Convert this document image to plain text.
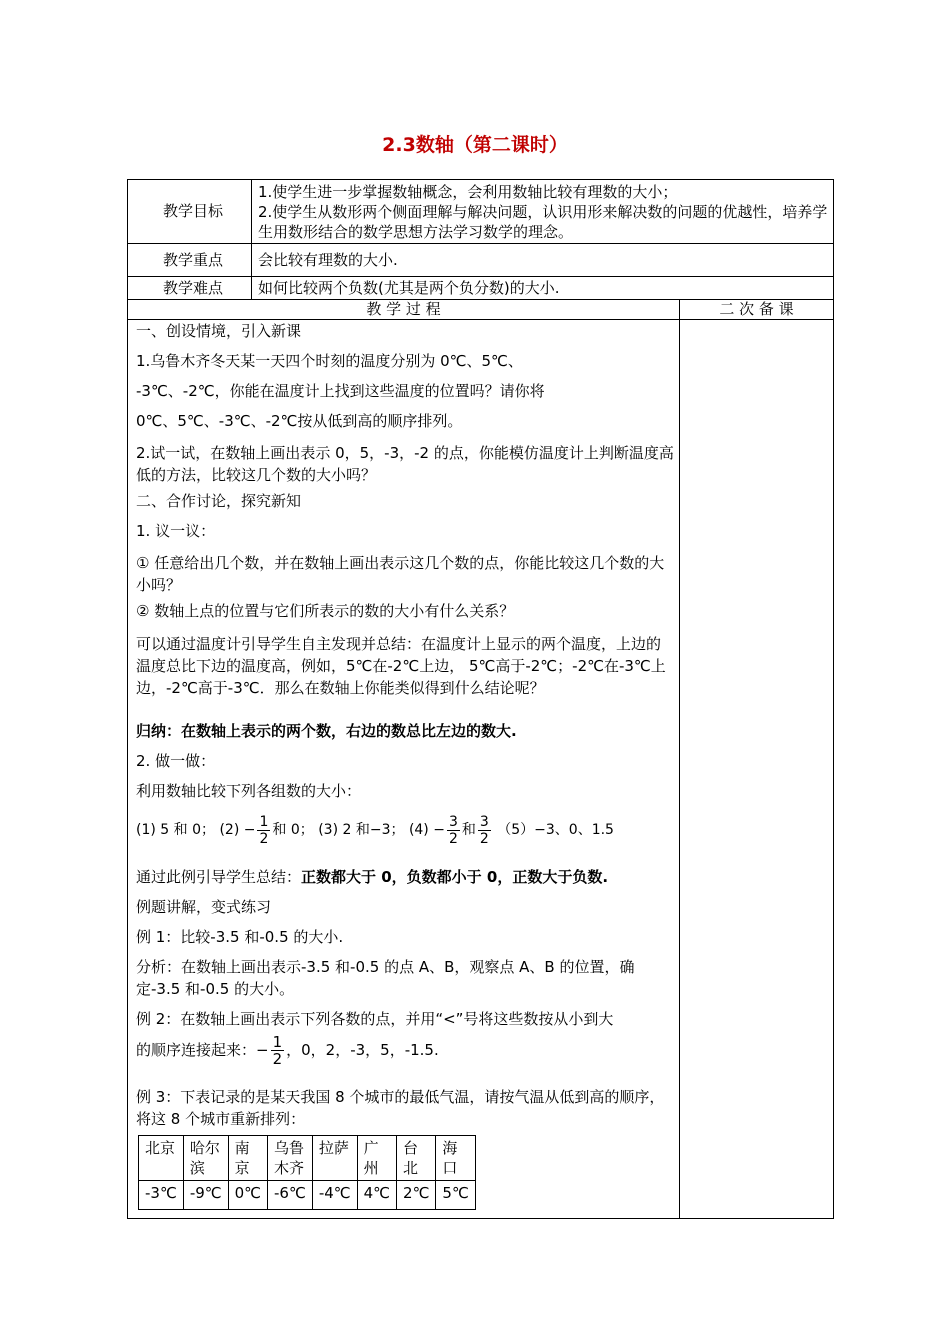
2.3数轴（第二课时）
教学目标
1.使学生进一步掌握数轴概念，会利用数轴比较有理数的大小；
2.使学生从数形两个侧面理解与解决问题，认识用形来解决数的问题的优越性，培养学生用数形结合的数学思想方法学习数学的理念。
教学重点	会比较有理数的大小.
教学难点	如何比较两个负数(尤其是两个负分数)的大小.
教 学 过 程	二 次 备 课

一、创设情境，引入新课

1.乌鲁木齐冬天某一天四个时刻的温度分别为 0℃、5℃、

-3℃、-2℃，你能在温度计上找到这些温度的位置吗？请你将

0℃、5℃、-3℃、-2℃按从低到高的顺序排列。

2.试一试，在数轴上画出表示 0，5，-3，-2 的点，你能模仿温度计上判断温度高低的方法，比较这几个数的大小吗？

二、合作讨论，探究新知

1. 议一议：

① 任意给出几个数，并在数轴上画出表示这几个数的点，你能比较这几个数的大小吗？

② 数轴上点的位置与它们所表示的数的大小有什么关系？

可以通过温度计引导学生自主发现并总结：在温度计上显示的两个温度，上边的温度总比下边的温度高，例如，5℃在-2℃上边， 5℃高于-2℃；-2℃在-3℃上边，-2℃高于-3℃．那么在数轴上你能类似得到什么结论呢？

归纳：在数轴上表示的两个数，右边的数总比左边的数大.

2. 做一做：

利用数轴比较下列各组数的大小：

(1) 5 和 0； $(2) - \frac{1}{2}$ 和 0； (3) 2 和−3； $(4) - \frac{3}{2}$ 和 $\frac{3}{2} (5)-3$、0、1.5

通过此例引导学生总结：正数都大于 0，负数都小于 0，正数大于负数.

例题讲解，变式练习

例 1：比较-3.5 和-0.5 的大小.

分析：在数轴上画出表示-3.5 和-0.5 的点 A、B，观察点 A、B 的位置，确定-3.5 和-0.5 的大小。

例 2：在数轴上画出表示下列各数的点，并用“<”号将这些数按从小到大

的顺序连接起来：− $\frac{1}{2}$ ，0，2，-3，5，-1.5.

例 3：下表记录的是某天我国 8 个城市的最低气温，请按气温从低到高的顺序，将这 8 个城市重新排列：

北京	哈尔滨	南京	乌鲁木齐	拉萨	广州	台北	海口
-3℃	-9℃	0℃	-6℃	-4℃	4℃	2℃	5℃
